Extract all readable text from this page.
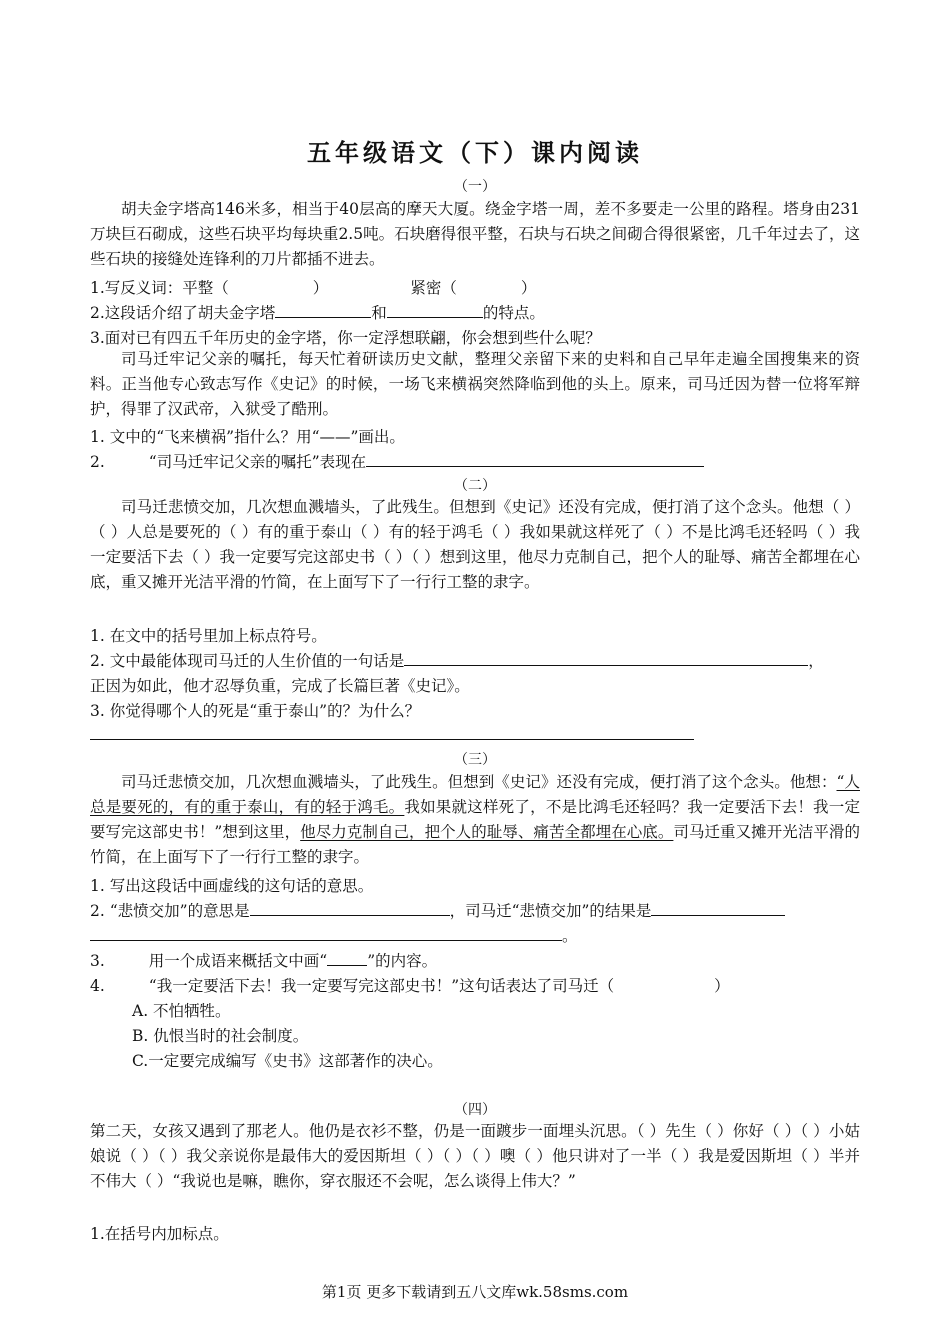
五年级语文（下）课内阅读
（一）
胡夫金字塔高146米多，相当于40层高的摩天大厦。绕金字塔一周，差不多要走一公里的路程。塔身由231万块巨石砌成，这些石块平均每块重2.5吨。石块磨得很平整，石块与石块之间砌合得很紧密，几千年过去了，这些石块的接缝处连锋利的刀片都插不进去。
1.写反义词：平整（	）	紧密（	）
2.这段话介绍了胡夫金字塔	和	的特点。
3.面对已有四五千年历史的金字塔，你一定浮想联翩，你会想到些什么呢？
司马迁牢记父亲的嘱托，每天忙着研读历史文献，整理父亲留下来的史料和自己早年走遍全国搜集来的资料。正当他专心致志写作《史记》的时候，一场飞来横祸突然降临到他的头上。原来，司马迁因为替一位将军辩护，得罪了汉武帝，入狱受了酷刑。
1. 文中的“飞来横祸”指什么？用“——”画出。
2.	“司马迁牢记父亲的嘱托”表现在
（二）
司马迁悲愤交加，几次想血溅墙头，了此残生。但想到《史记》还没有完成，便打消了这个念头。他想（ ）（ ）人总是要死的（ ）有的重于泰山（ ）有的轻于鸿毛（ ）我如果就这样死了（ ）不是比鸿毛还轻吗（ ）我一定要活下去（ ）我一定要写完这部史书（ ）（ ）想到这里，他尽力克制自己，把个人的耻辱、痛苦全都埋在心底，重又摊开光洁平滑的竹简，在上面写下了一行行工整的隶字。
1. 在文中的括号里加上标点符号。
2. 文中最能体现司马迁的人生价值的一句话是	，
正因为如此，他才忍辱负重，完成了长篇巨著《史记》。
3. 你觉得哪个人的死是“重于泰山”的？为什么？
（三）
司马迁悲愤交加，几次想血溅墙头，了此残生。但想到《史记》还没有完成，便打消了这个念头。他想：“人总是要死的，有的重于泰山，有的轻于鸿毛。我如果就这样死了，不是比鸿毛还轻吗？我一定要活下去！我一定要写完这部史书！”想到这里，他尽力克制自己，把个人的耻辱、痛苦全都埋在心底。司马迁重又摊开光洁平滑的竹简，在上面写下了一行行工整的隶字。
1. 写出这段话中画虚线的这句话的意思。
2. “悲愤交加”的意思是	，司马迁“悲愤交加”的结果是
。
3.	用一个成语来概括文中画“	”的内容。
4.	“我一定要活下去！我一定要写完这部史书！”这句话表达了司马迁（	）
A. 不怕牺牲。
B. 仇恨当时的社会制度。
C.一定要完成编写《史书》这部著作的决心。
（四）
第二天，女孩又遇到了那老人。他仍是衣衫不整，仍是一面踱步一面埋头沉思。（ ）先生（ ）你好（ ）（ ）小姑娘说（ ）（ ）我父亲说你是最伟大的爱因斯坦（ ）（ ）（ ）噢（ ）他只讲对了一半（ ）我是爱因斯坦（ ）半并不伟大（ ）“我说也是嘛，瞧你，穿衣服还不会呢，怎么谈得上伟大？”
1.在括号内加标点。
第1页 更多下载请到五八文库wk.58sms.com
